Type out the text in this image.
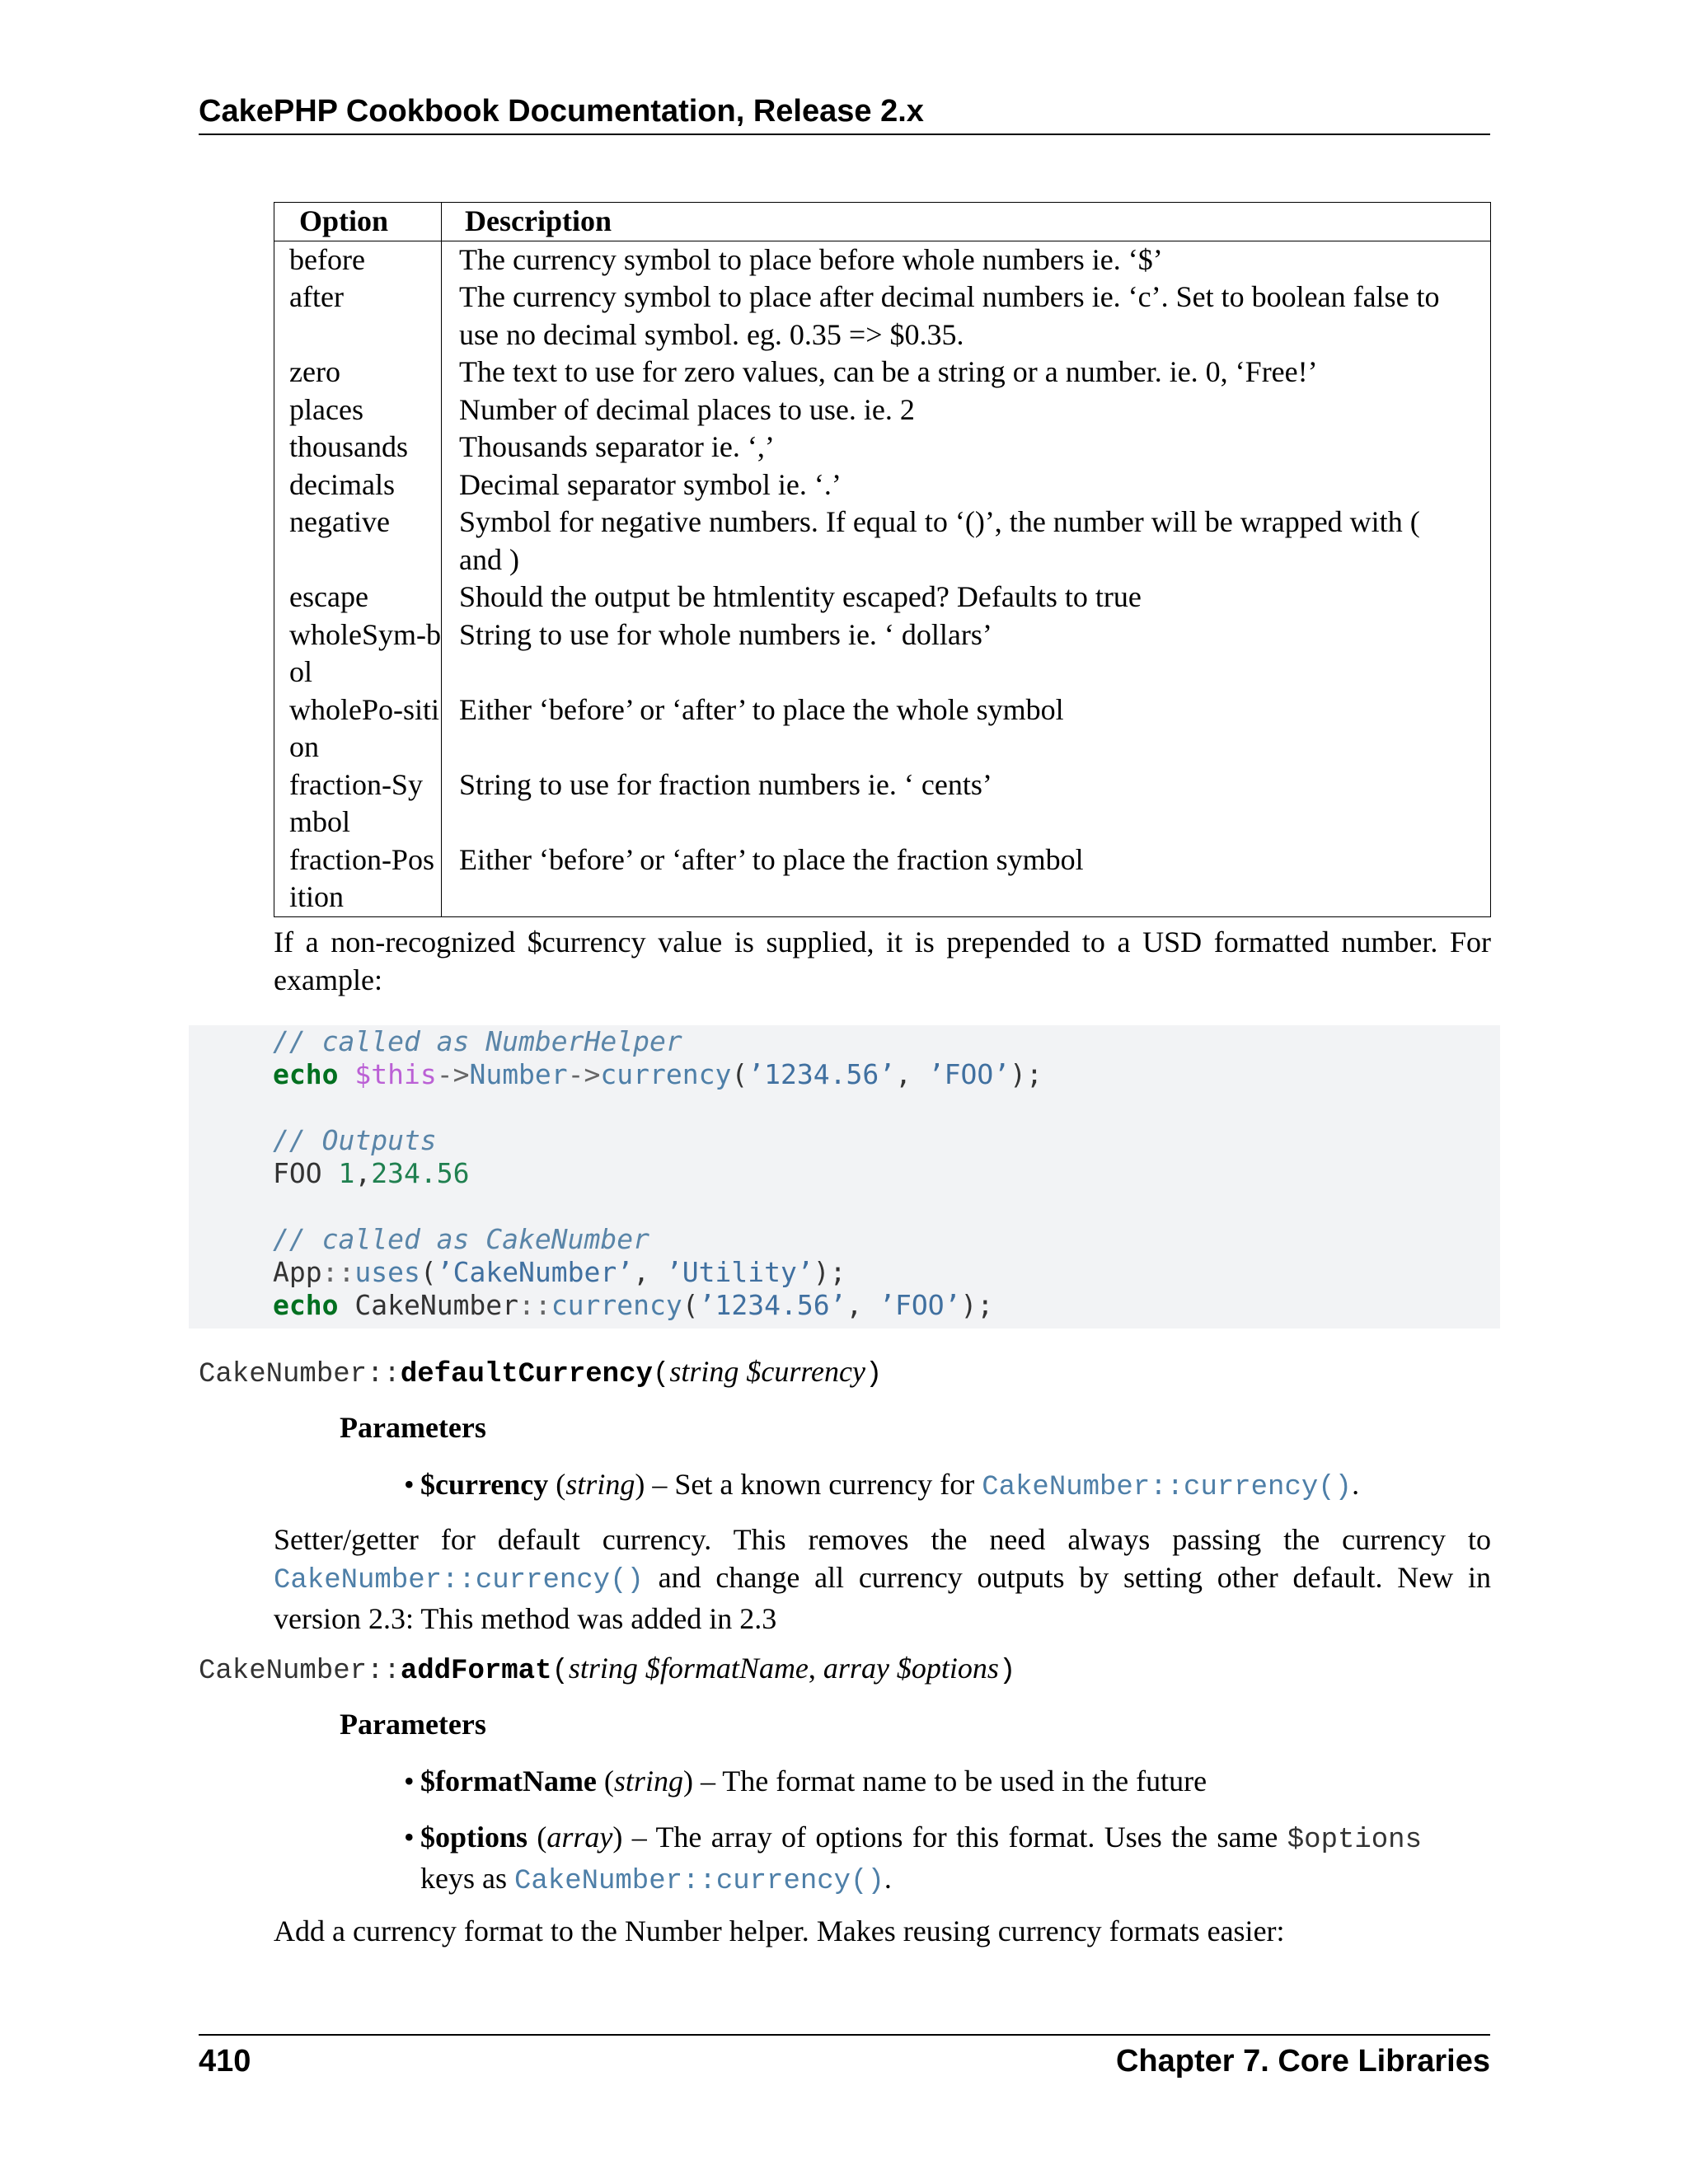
CakePHP Cookbook Documentation, Release 2.x
Option	Description
before	The currency symbol to place before whole numbers ie. ‘$’
after	The currency symbol to place after decimal numbers ie. ‘c’. Set to boolean false to use no decimal symbol. eg. 0.35 => $0.35.
zero	The text to use for zero values, can be a string or a number. ie. 0, ‘Free!’
places	Number of decimal places to use. ie. 2
thousands	Thousands separator ie. ‘,’
decimals	Decimal separator symbol ie. ‘.’
negative	Symbol for negative numbers. If equal to ‘()’, the number will be wrapped with ( and )
escape	Should the output be htmlentity escaped? Defaults to true
wholeSym-bol	String to use for whole numbers ie. ‘ dollars’
wholePo-sition	Either ‘before’ or ‘after’ to place the whole symbol
fraction-Symbol	String to use for fraction numbers ie. ‘ cents’
fraction-Position	Either ‘before’ or ‘after’ to place the fraction symbol
If a non-recognized $currency value is supplied, it is prepended to a USD formatted number. For example:
// called as NumberHelper
echo $this->Number->currency(’1234.56’, ’FOO’);

// Outputs
FOO 1,234.56

// called as CakeNumber
App::uses(’CakeNumber’, ’Utility’);
echo CakeNumber::currency(’1234.56’, ’FOO’);
CakeNumber::defaultCurrency(string $currency)
Parameters
• $currency (string) – Set a known currency for CakeNumber::currency().
Setter/getter for default currency. This removes the need always passing the currency to CakeNumber::currency() and change all currency outputs by setting other default. New in version 2.3: This method was added in 2.3
CakeNumber::addFormat(string $formatName, array $options)
Parameters
• $formatName (string) – The format name to be used in the future
• $options (array) – The array of options for this format. Uses the same $options keys as CakeNumber::currency().
Add a currency format to the Number helper. Makes reusing currency formats easier:
410	Chapter 7. Core Libraries
